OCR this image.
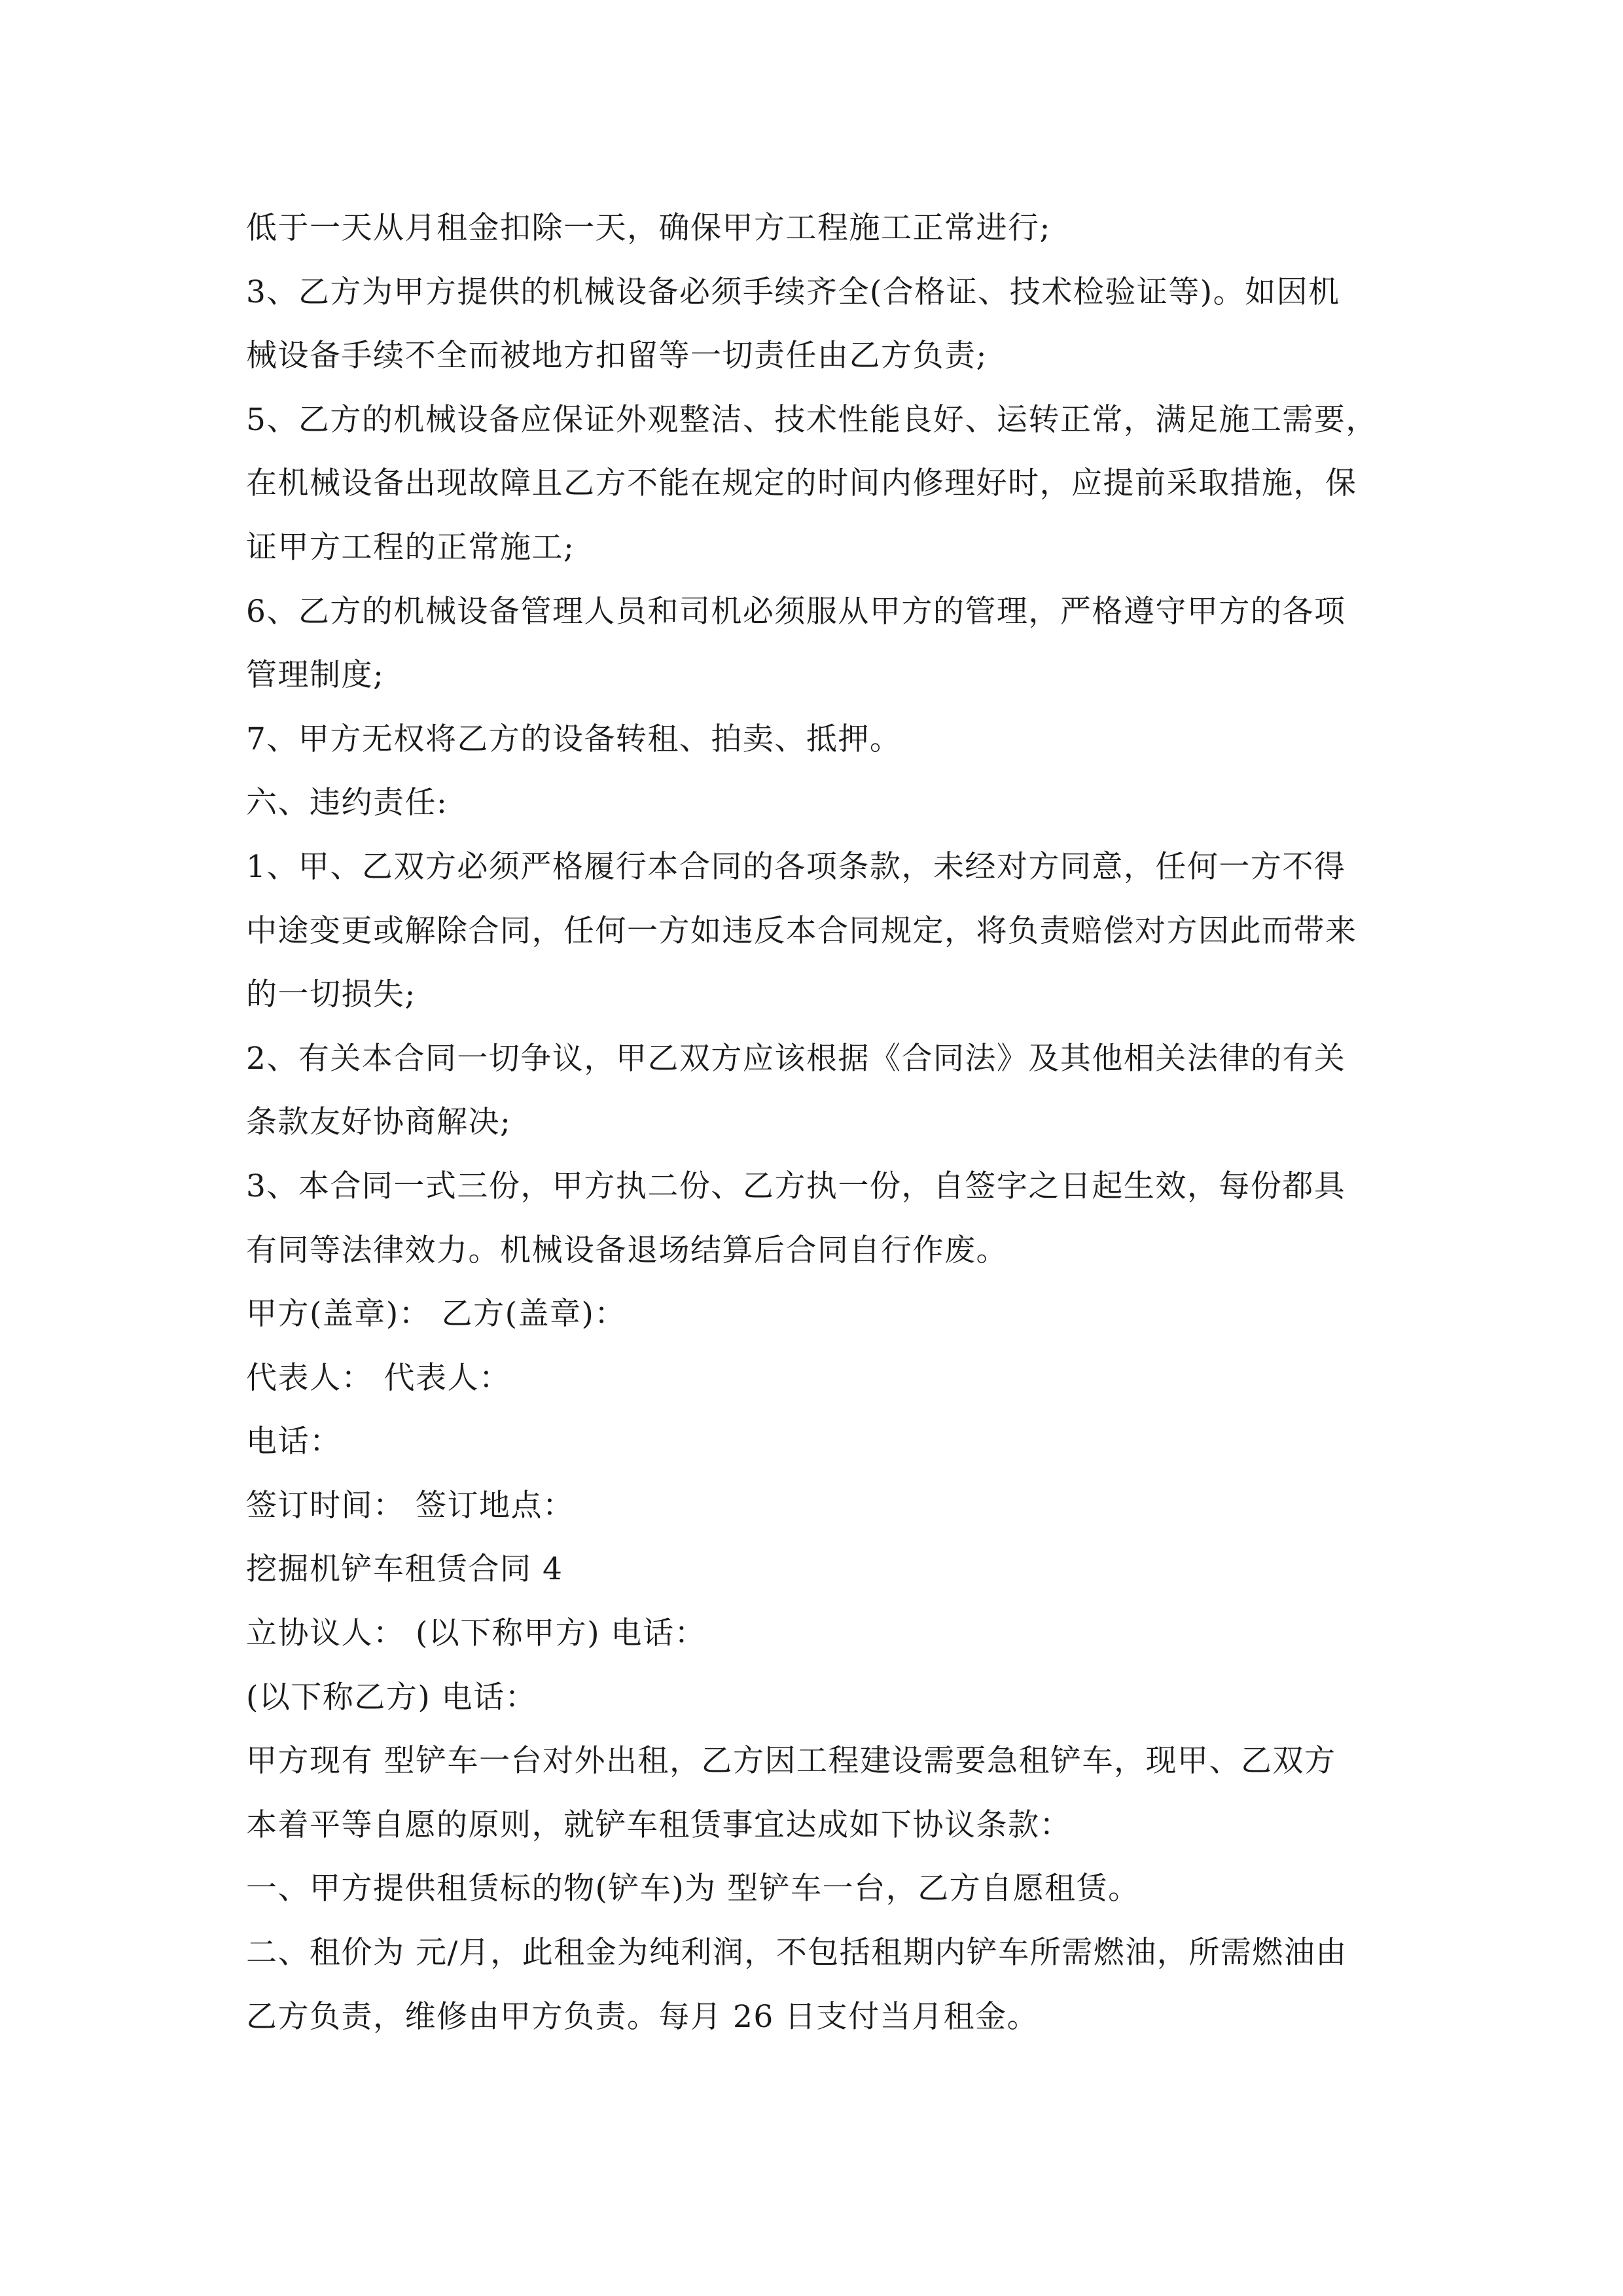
低于一天从月租金扣除一天，确保甲方工程施工正常进行;
3、乙方为甲方提供的机械设备必须手续齐全(合格证、技术检验证等)。如因机
械设备手续不全而被地方扣留等一切责任由乙方负责;
5、乙方的机械设备应保证外观整洁、技术性能良好、运转正常，满足施工需要，
在机械设备出现故障且乙方不能在规定的时间内修理好时，应提前采取措施，保
证甲方工程的正常施工;
6、乙方的机械设备管理人员和司机必须服从甲方的管理，严格遵守甲方的各项
管理制度;
7、甲方无权将乙方的设备转租、拍卖、抵押。
六、违约责任:
1、甲、乙双方必须严格履行本合同的各项条款，未经对方同意，任何一方不得
中途变更或解除合同，任何一方如违反本合同规定，将负责赔偿对方因此而带来
的一切损失;
2、有关本合同一切争议，甲乙双方应该根据《合同法》及其他相关法律的有关
条款友好协商解决;
3、本合同一式三份，甲方执二份、乙方执一份，自签字之日起生效，每份都具
有同等法律效力。机械设备退场结算后合同自行作废。
甲方(盖章)： 乙方(盖章)：
代表人： 代表人：
电话：
签订时间： 签订地点：
挖掘机铲车租赁合同 4
立协议人： (以下称甲方) 电话：
(以下称乙方) 电话：
甲方现有 型铲车一台对外出租，乙方因工程建设需要急租铲车，现甲、乙双方
本着平等自愿的原则，就铲车租赁事宜达成如下协议条款：
一、甲方提供租赁标的物(铲车)为 型铲车一台，乙方自愿租赁。
二、租价为 元/月，此租金为纯利润，不包括租期内铲车所需燃油，所需燃油由
乙方负责，维修由甲方负责。每月 26 日支付当月租金。
